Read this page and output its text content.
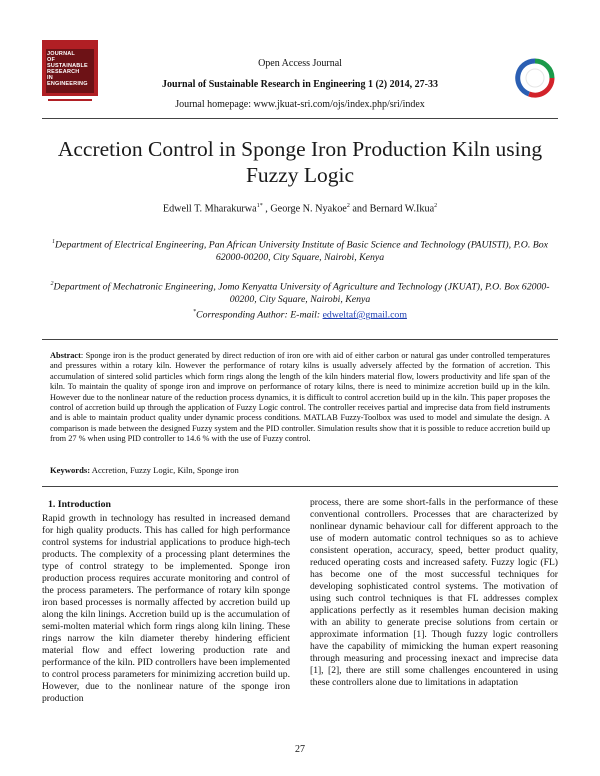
JOURNAL
OF
SUSTAINABLE
RESEARCH
IN
ENGINEERING
Open Access Journal
Journal of Sustainable Research in Engineering 1 (2) 2014, 27-33
Journal homepage: www.jkuat-sri.com/ojs/index.php/sri/index
Accretion Control in Sponge Iron Production Kiln using Fuzzy Logic
Edwell T. Mharakurwa$^{1*}$ , George N. Nyakoe$^2$ and Bernard W.Ikua$^2$
$^1$Department of Electrical Engineering, Pan African University Institute of Basic Science and Technology (PAUISTI), P.O. Box 62000-00200, City Square, Nairobi, Kenya
$^2$Department of Mechatronic Engineering, Jomo Kenyatta University of Agriculture and Technology (JKUAT), P.O. Box 62000-00200, City Square, Nairobi, Kenya
*Corresponding Author: E-mail: edweltaf@gmail.com
Abstract: Sponge iron is the product generated by direct reduction of iron ore with aid of either carbon or natural gas under controlled temperatures and pressures within a rotary kiln. However the performance of rotary kilns is usually adversely affected by the formation of accretion. This accumulation of sintered solid particles which form rings along the length of the kiln hinders material flow, lowers productivity and life span of the kiln. To maintain the quality of sponge iron and improve on performance of rotary kilns, there is need to minimize accretion build up in the kiln. However due to the nonlinear nature of the reduction process dynamics, it is difficult to control accretion build up in the kiln. This paper proposes the control of accretion build up through the application of Fuzzy Logic control. The controller receives partial and imprecise data from field instruments and is able to maintain product quality under dynamic process conditions. MATLAB Fuzzy-Toolbox was used to model and simulate the design. A comparison is made between the designed Fuzzy system and the PID controller. Simulation results show that it is possible to reduce accretion build up from 27 % when using PID controller to 14.6 % with the use of Fuzzy control.
Keywords: Accretion, Fuzzy Logic, Kiln, Sponge iron
1. Introduction

Rapid growth in technology has resulted in increased demand for high quality products. This has called for high performance control systems for industrial applications to produce high-tech products. The complexity of a processing plant determines the type of control strategy to be implemented. Sponge iron production process requires accurate monitoring and control of the process parameters. The performance of rotary kiln sponge iron based processes is normally affected by accretion build up along the kiln linings. Accretion build up is the accumulation of semi-molten material which form rings along kiln lining. These rings narrow the kiln diameter thereby hindering efficient material flow and effect lowering production rate and performance of the kiln. PID controllers have been implemented to control process parameters for minimizing accretion build up. However, due to the nonlinear nature of the sponge iron production

process, there are some short-falls in the performance of these conventional controllers. Processes that are characterized by nonlinear dynamic behaviour call for different approach to the use of modern automatic control techniques so as to achieve consistent operation, accuracy, speed, better product quality, reduced operating costs and increased safety. Fuzzy logic (FL) has become one of the most successful techniques for developing sophisticated control systems. The motivation of using such control techniques is that FL addresses complex applications perfectly as it resembles human decision making with an ability to generate precise solutions from certain or approximate information [1]. Though fuzzy logic controllers have the capability of mimicking the human expert reasoning through measuring and processing inexact and imprecise data [1], [2], there are still some challenges encountered in using these controllers alone due to limitations in adaptation

27
